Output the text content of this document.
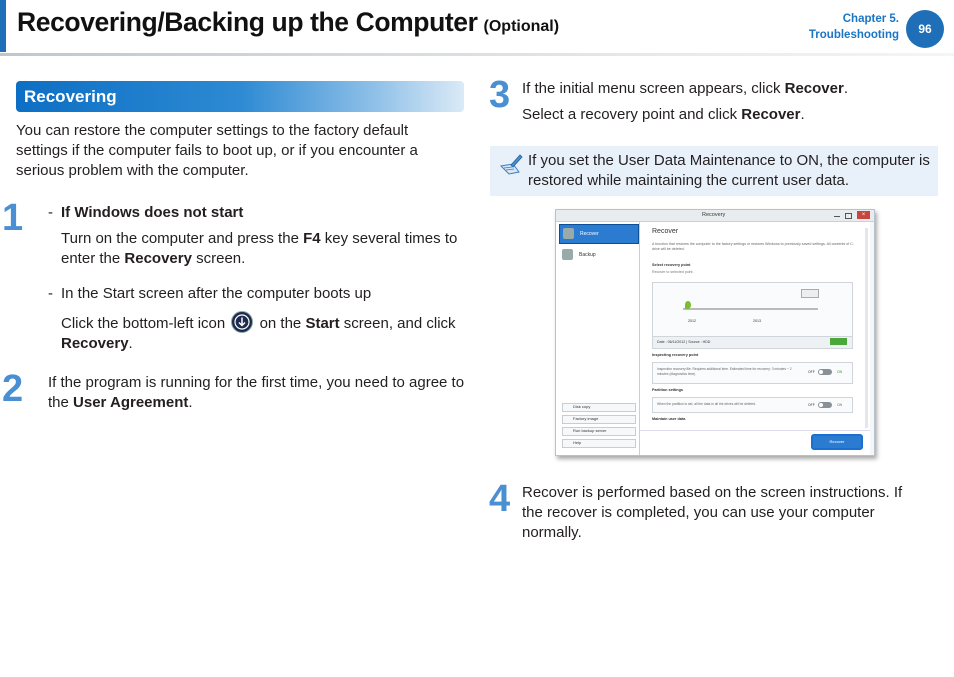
Recovering/Backing up the Computer (Optional)	Chapter 5.
Troubleshooting	96
Recovering
You can restore the computer settings to the factory default settings if the computer fails to boot up, or if you encounter a serious problem with the computer.
1 - If Windows does not start
Turn on the computer and press the F4 key several times to enter the Recovery screen.
- In the Start screen after the computer boots up
Click the bottom-left icon
on the Start screen, and click Recovery.
2 If the program is running for the first time, you need to agree to the User Agreement.
3 If the initial menu screen appears, click Recover.
Select a recovery point and click Recover.
If you set the User Data Maintenance to ON, the computer is restored while maintaining the current user data.
Recovery	×
Recover
Backup
Disk copy
Factory image
Run backup server
Help
Recover
A function that restores the computer to the factory settings or restores Windows to previously saved settings. All contents of C: drive will be deleted.
Select recovery point
Recover to selected point.
2012	2013
Date : 06/11/2012 | Source : HDD
Inspecting recovery point
Inspection recovery file. Requires additional time. Estimated time for recovery: 3 minutes ~ 2 minutes (diagnostics time)	OFF	ON
Partition settings
When the partition is set, all the data in all the drives will be deleted.	OFF	ON
Maintain user data
Recover
4 Recover is performed based on the screen instructions. If the recover is completed, you can use your computer normally.
